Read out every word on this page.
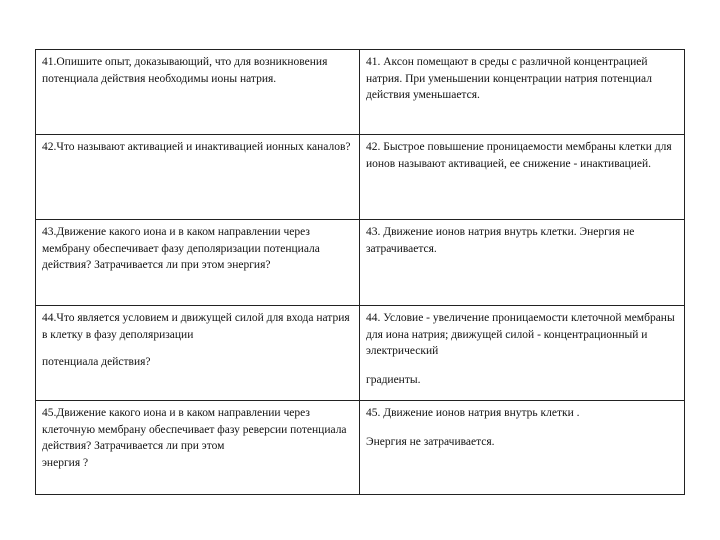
41.Опишите опыт, доказывающий, что для возникновения потенциала действия необходимы ионы натрия.

41. Аксон помещают в среды с различной концентрацией натрия. При уменьшении концентрации натрия потенциал действия уменьшается.

42.Что называют активацией и инактивацией ионных каналов? 42. Быстрое повышение проницаемости мембраны клетки для ионов называют активацией, ее снижение - инактивацией.

43.Движение какого иона и в каком направлении через мембрану обеспечивает фазу деполяризации потенциала действия? Затрачивается ли при этом энергия?

43. Движение ионов натрия внутрь клетки. Энергия не затрачивается.

44.Что является условием и движущей силой для входа натрия в клетку в фазу деполяризации

потенциала действия?

44. Условие - увеличение проницаемости клеточной мембраны для иона натрия; движущей силой - концентрационный и электрический

градиенты.

45.Движение какого иона и в каком направлении через клеточную мембрану обеспечивает фазу реверсии потенциала действия? Затрачивается ли при этом

энергия ?

45. Движение ионов натрия внутрь клетки .

Энергия не затрачивается.
